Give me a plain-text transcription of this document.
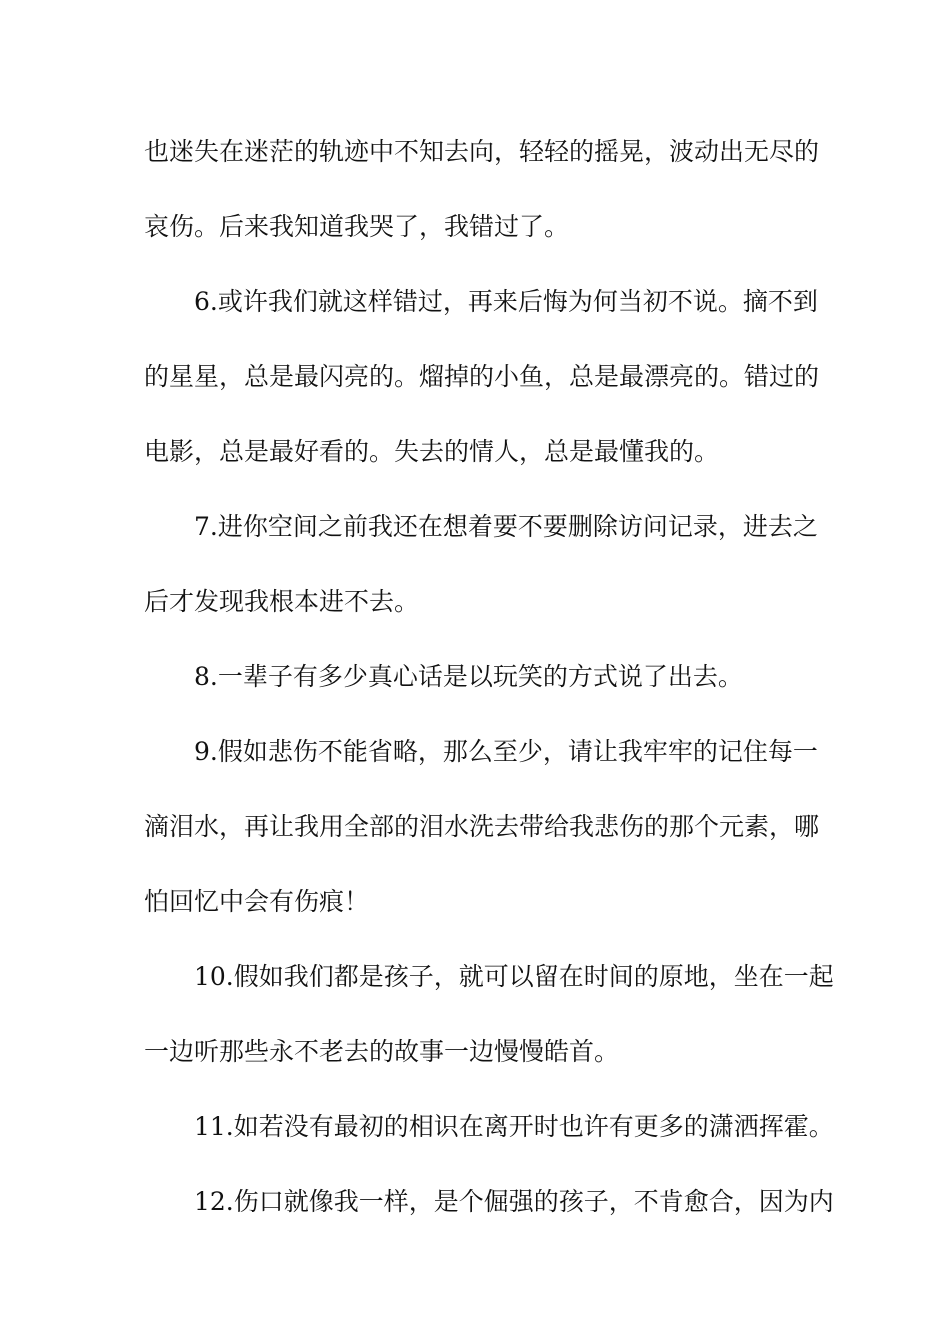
也迷失在迷茫的轨迹中不知去向，轻轻的摇晃，波动出无尽的
哀伤。后来我知道我哭了，我错过了。
6.或许我们就这样错过，再来后悔为何当初不说。摘不到
的星星，总是最闪亮的。熘掉的小鱼，总是最漂亮的。错过的
电影，总是最好看的。失去的情人，总是最懂我的。
7.进你空间之前我还在想着要不要删除访问记录，进去之
后才发现我根本进不去。
8.一辈子有多少真心话是以玩笑的方式说了出去。
9.假如悲伤不能省略，那么至少，请让我牢牢的记住每一
滴泪水，再让我用全部的泪水洗去带给我悲伤的那个元素，哪
怕回忆中会有伤痕！
10.假如我们都是孩子，就可以留在时间的原地，坐在一起
一边听那些永不老去的故事一边慢慢皓首。
11.如若没有最初的相识在离开时也许有更多的潇洒挥霍。
12.伤口就像我一样，是个倔强的孩子，不肯愈合，因为内
